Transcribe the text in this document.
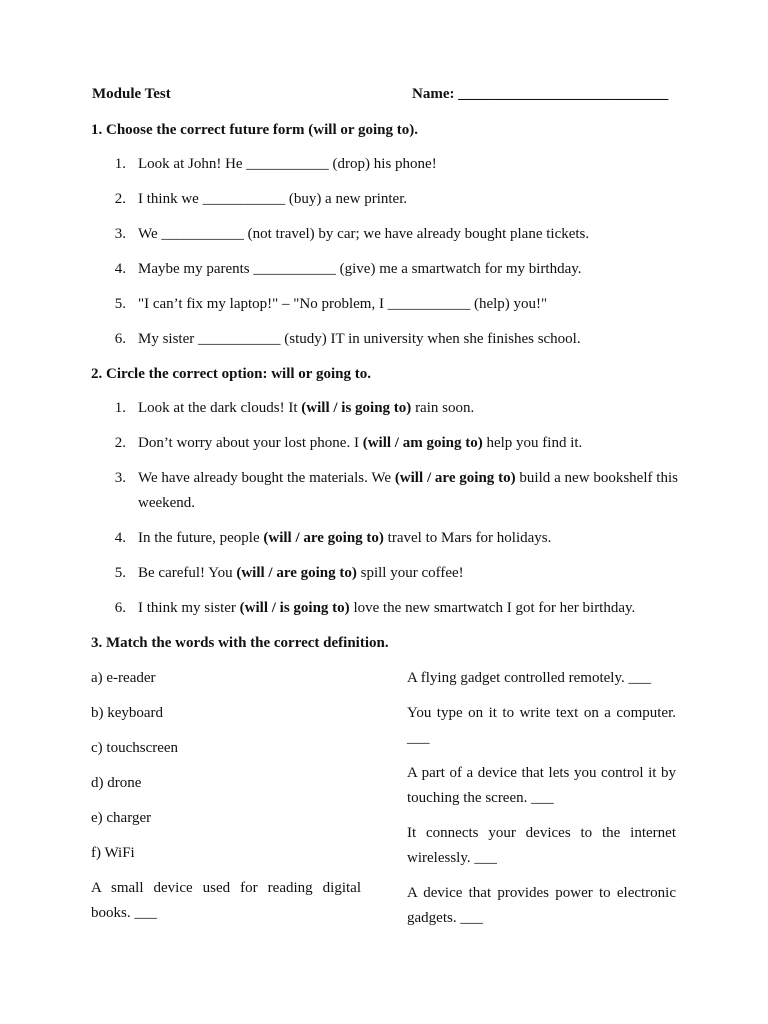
Module Test	Name: ____________________________
1. Choose the correct future form (will or going to).
1. Look at John! He ___________ (drop) his phone!
2. I think we ___________ (buy) a new printer.
3. We ___________ (not travel) by car; we have already bought plane tickets.
4. Maybe my parents ___________ (give) me a smartwatch for my birthday.
5. "I can’t fix my laptop!" – "No problem, I ___________ (help) you!"
6. My sister ___________ (study) IT in university when she finishes school.
2. Circle the correct option: will or going to.
1. Look at the dark clouds! It (will / is going to) rain soon.
2. Don’t worry about your lost phone. I (will / am going to) help you find it.
3. We have already bought the materials. We (will / are going to) build a new bookshelf this weekend.
4. In the future, people (will / are going to) travel to Mars for holidays.
5. Be careful! You (will / are going to) spill your coffee!
6. I think my sister (will / is going to) love the new smartwatch I got for her birthday.
3. Match the words with the correct definition.
a) e-reader
b) keyboard
c) touchscreen
d) drone
e) charger
f) WiFi
A small device used for reading digital books. ___
A flying gadget controlled remotely. ___
You type on it to write text on a computer. ___
A part of a device that lets you control it by touching the screen. ___
It connects your devices to the internet wirelessly. ___
A device that provides power to electronic gadgets. ___
